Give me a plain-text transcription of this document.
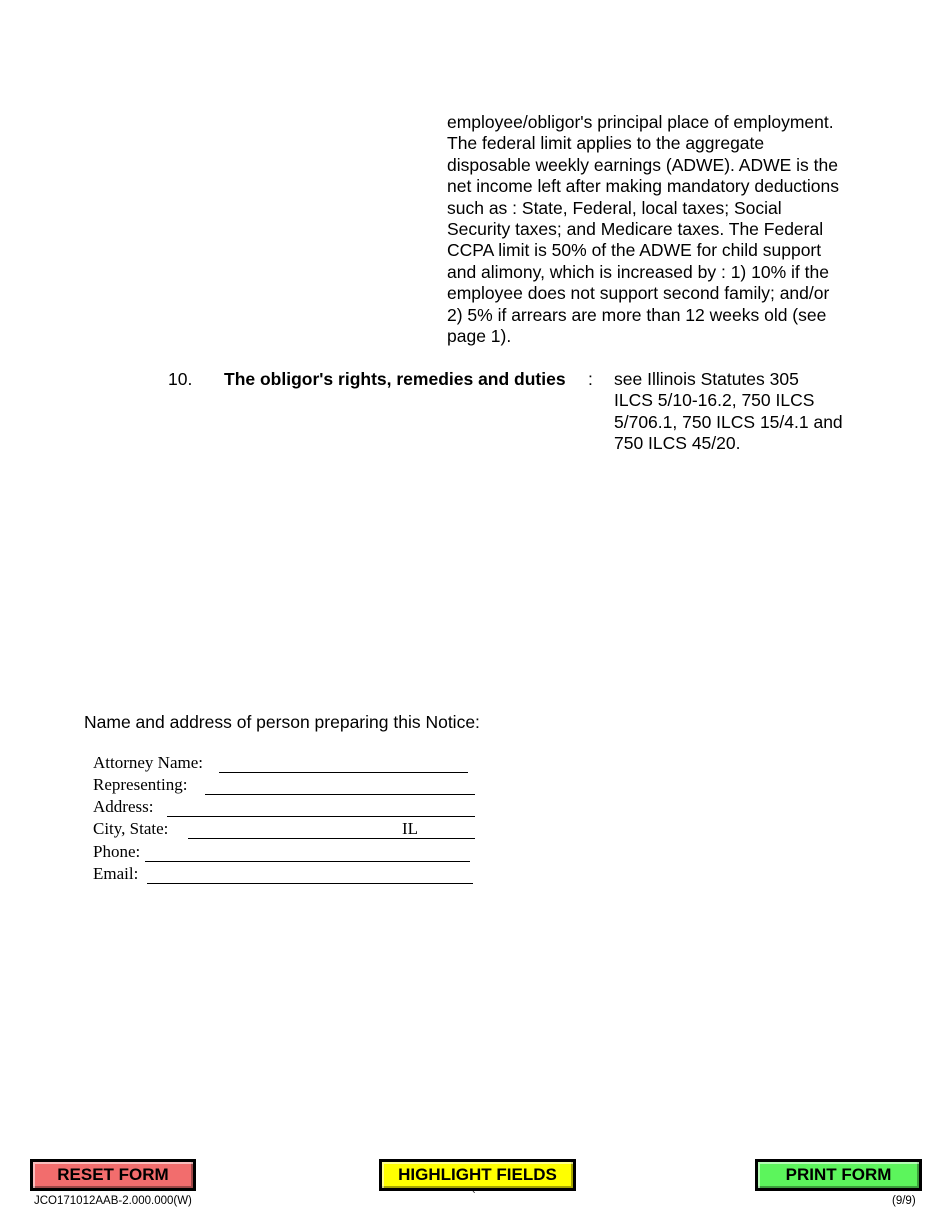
employee/obligor's principal place of employment.
The federal limit applies to the aggregate
disposable weekly earnings (ADWE). ADWE is the
net income left after making mandatory deductions
such as : State, Federal, local taxes; Social
Security taxes; and Medicare taxes. The Federal
CCPA limit is 50% of the ADWE for child support
and alimony, which is increased by : 1) 10% if the
employee does not support second family; and/or
2) 5% if arrears are more than 12 weeks old (see
page 1).
10. The obligor's rights, remedies and duties : see Illinois Statutes 305
ILCS 5/10-16.2, 750 ILCS
5/706.1, 750 ILCS 15/4.1 and
750 ILCS 45/20.
Name and address of person preparing this Notice:
Attorney Name:
Representing:
Address:
City, State:	IL
Phone:
Email:
RESET FORM	HIGHLIGHT FIELDS	PRINT FORM
JCO171012AAB-2.000.000(W)	`	(9/9)
